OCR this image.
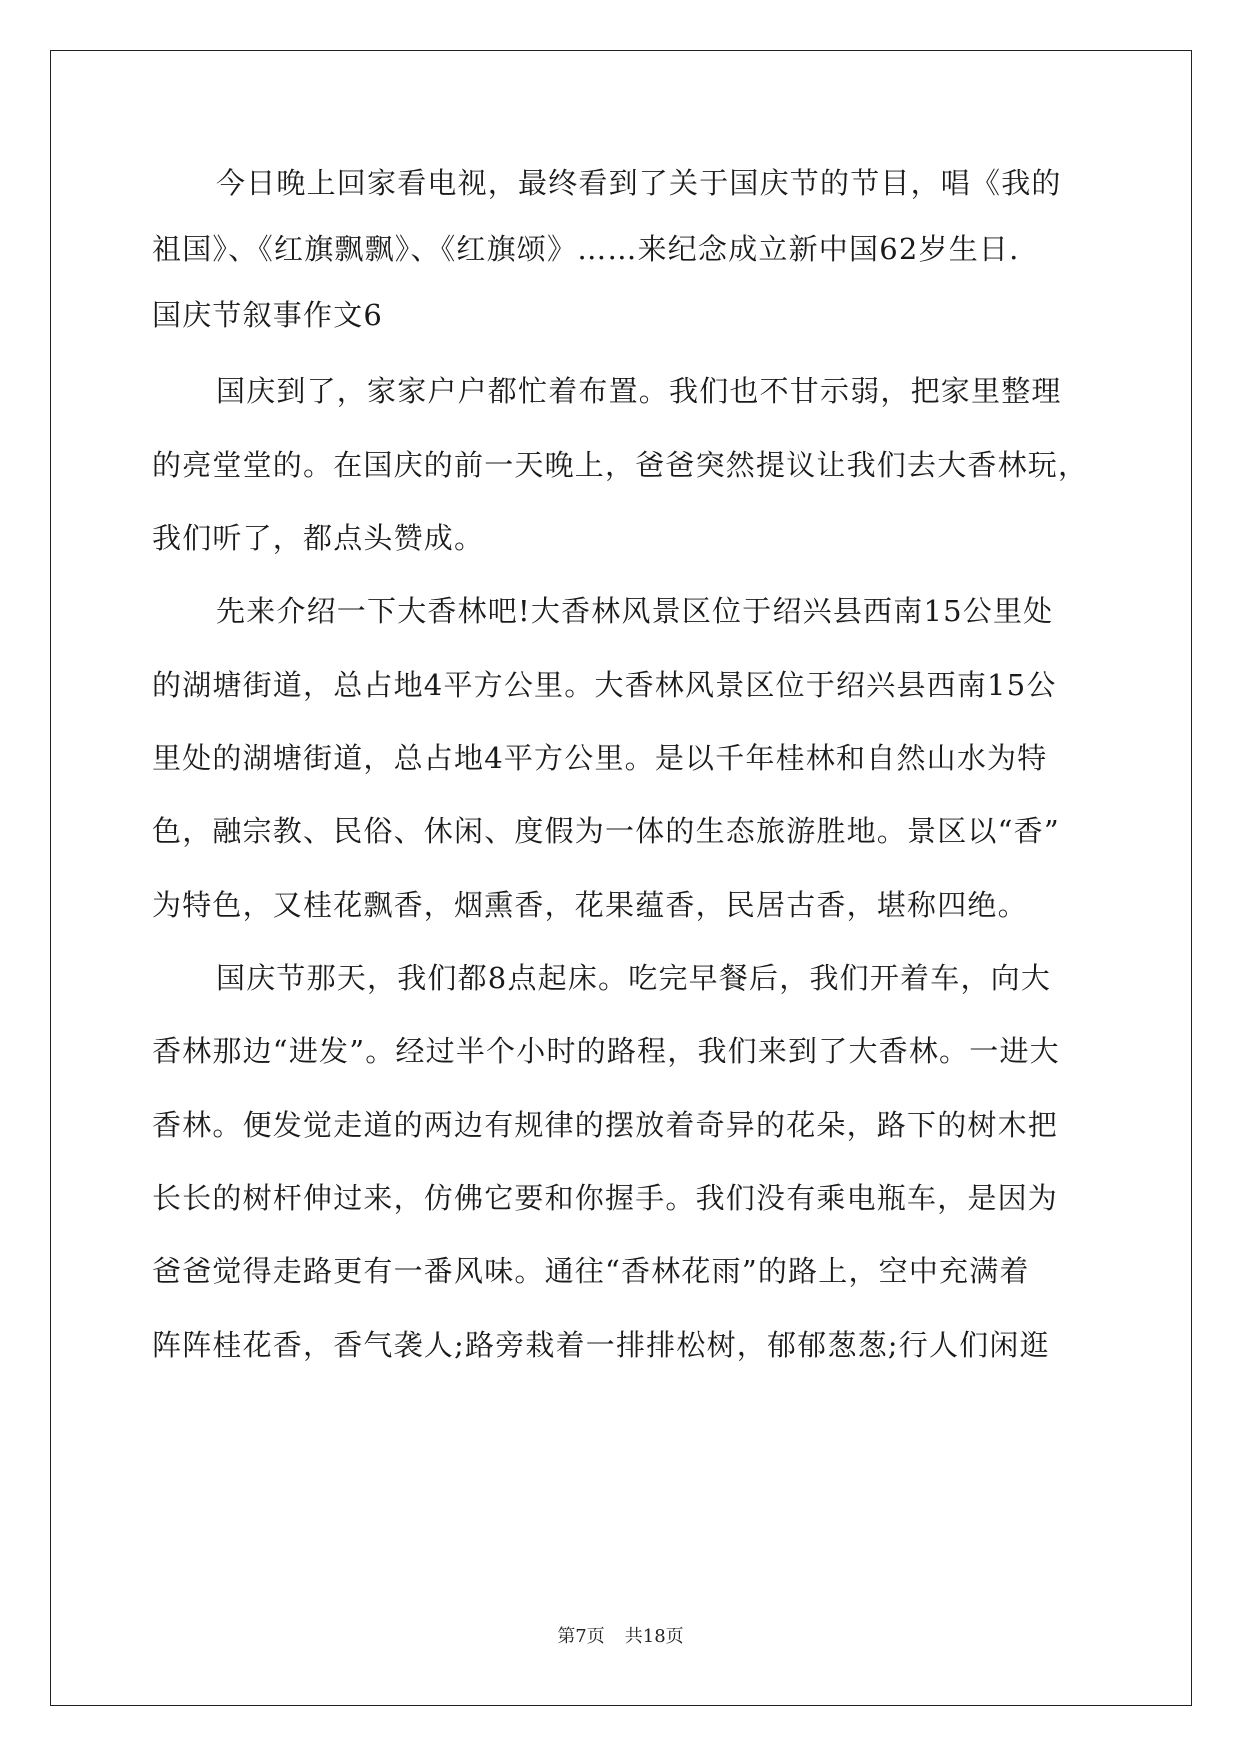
今日晚上回家看电视，最终看到了关于国庆节的节目，唱《我的
祖国》、《红旗飘飘》、《红旗颂》……来纪念成立新中国62岁生日.
国庆节叙事作文6
国庆到了，家家户户都忙着布置。我们也不甘示弱，把家里整理
的亮堂堂的。在国庆的前一天晚上，爸爸突然提议让我们去大香林玩，
我们听了，都点头赞成。
先来介绍一下大香林吧!大香林风景区位于绍兴县西南15公里处
的湖塘街道，总占地4平方公里。大香林风景区位于绍兴县西南15公
里处的湖塘街道，总占地4平方公里。是以千年桂林和自然山水为特
色，融宗教、民俗、休闲、度假为一体的生态旅游胜地。景区以“香”
为特色，又桂花飘香，烟熏香，花果蕴香，民居古香，堪称四绝。
国庆节那天，我们都8点起床。吃完早餐后，我们开着车，向大
香林那边“进发”。经过半个小时的路程，我们来到了大香林。一进大
香林。便发觉走道的两边有规律的摆放着奇异的花朵，路下的树木把
长长的树杆伸过来，仿佛它要和你握手。我们没有乘电瓶车，是因为
爸爸觉得走路更有一番风味。通往“香林花雨”的路上，空中充满着
阵阵桂花香，香气袭人;路旁栽着一排排松树，郁郁葱葱;行人们闲逛
第7页 共18页
